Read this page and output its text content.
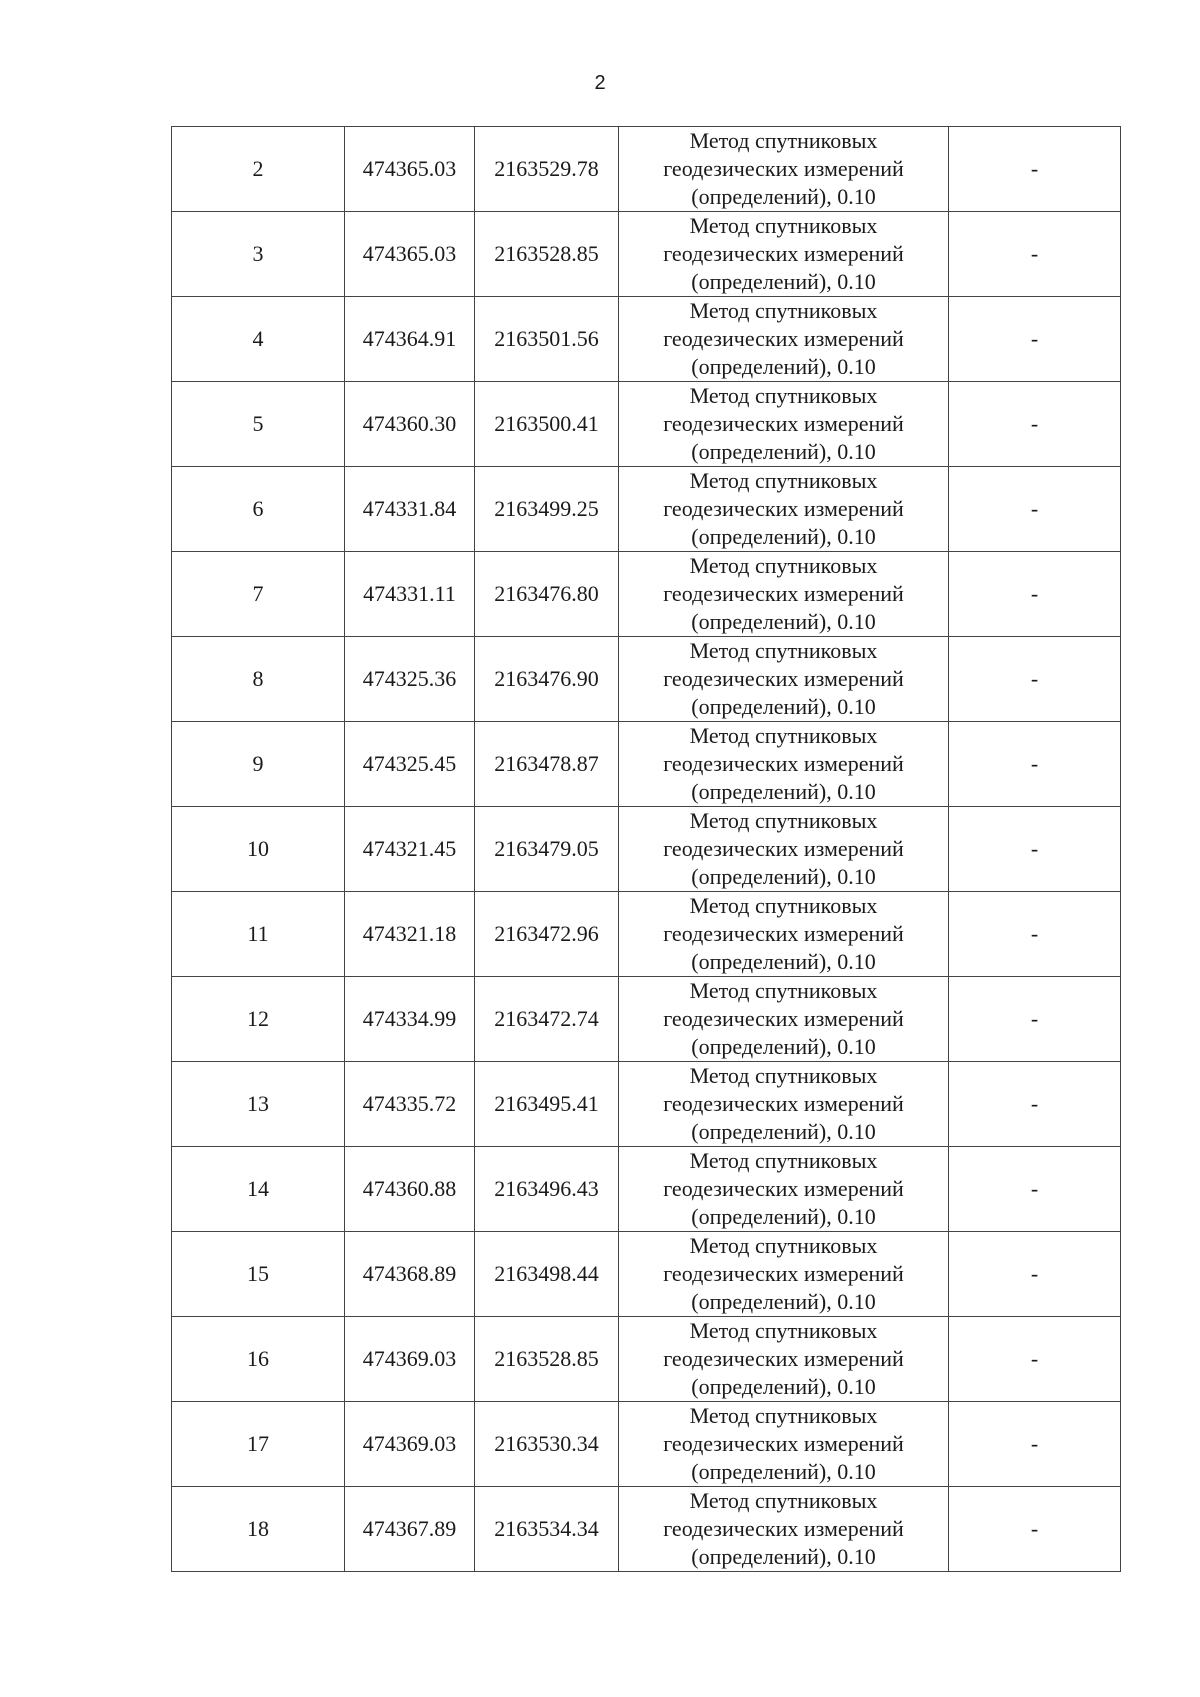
2
2	474365.03	2163529.78	Метод спутниковых
геодезических измерений
(определений), 0.10	-
3	474365.03	2163528.85	Метод спутниковых
геодезических измерений
(определений), 0.10	-
4	474364.91	2163501.56	Метод спутниковых
геодезических измерений
(определений), 0.10	-
5	474360.30	2163500.41	Метод спутниковых
геодезических измерений
(определений), 0.10	-
6	474331.84	2163499.25	Метод спутниковых
геодезических измерений
(определений), 0.10	-
7	474331.11	2163476.80	Метод спутниковых
геодезических измерений
(определений), 0.10	-
8	474325.36	2163476.90	Метод спутниковых
геодезических измерений
(определений), 0.10	-
9	474325.45	2163478.87	Метод спутниковых
геодезических измерений
(определений), 0.10	-
10	474321.45	2163479.05	Метод спутниковых
геодезических измерений
(определений), 0.10	-
11	474321.18	2163472.96	Метод спутниковых
геодезических измерений
(определений), 0.10	-
12	474334.99	2163472.74	Метод спутниковых
геодезических измерений
(определений), 0.10	-
13	474335.72	2163495.41	Метод спутниковых
геодезических измерений
(определений), 0.10	-
14	474360.88	2163496.43	Метод спутниковых
геодезических измерений
(определений), 0.10	-
15	474368.89	2163498.44	Метод спутниковых
геодезических измерений
(определений), 0.10	-
16	474369.03	2163528.85	Метод спутниковых
геодезических измерений
(определений), 0.10	-
17	474369.03	2163530.34	Метод спутниковых
геодезических измерений
(определений), 0.10	-
18	474367.89	2163534.34	Метод спутниковых
геодезических измерений
(определений), 0.10	-
